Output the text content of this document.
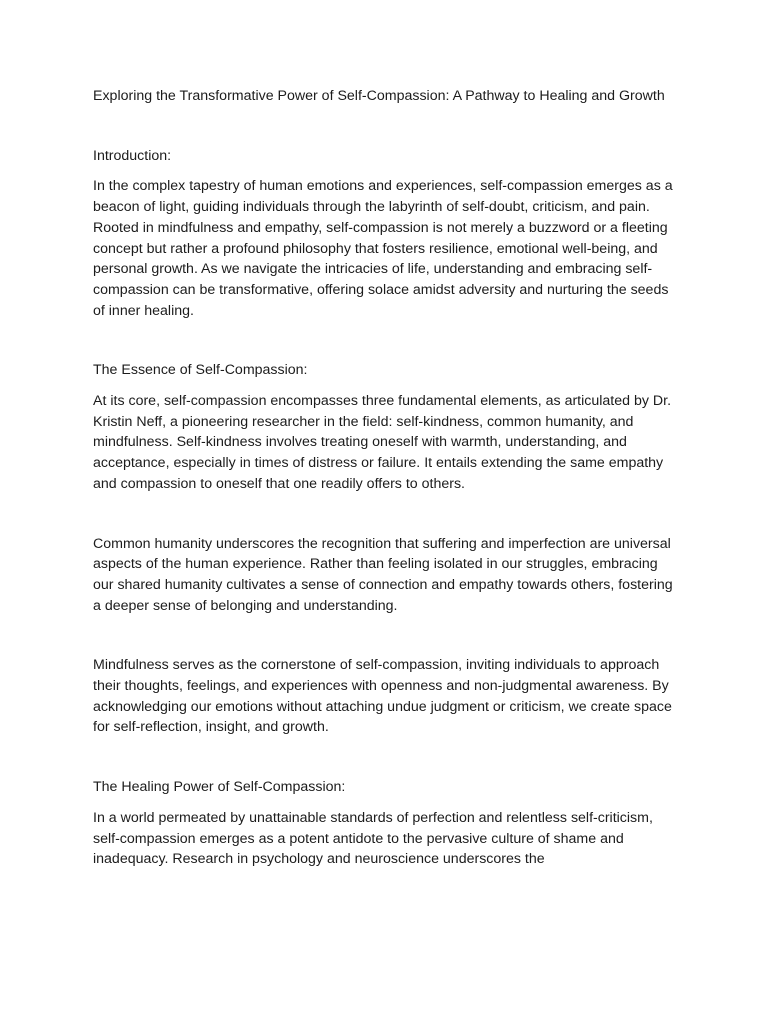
Exploring the Transformative Power of Self-Compassion: A Pathway to Healing and Growth

Introduction:

In the complex tapestry of human emotions and experiences, self-compassion emerges as a beacon of light, guiding individuals through the labyrinth of self-doubt, criticism, and pain. Rooted in mindfulness and empathy, self-compassion is not merely a buzzword or a fleeting concept but rather a profound philosophy that fosters resilience, emotional well-being, and personal growth. As we navigate the intricacies of life, understanding and embracing self-compassion can be transformative, offering solace amidst adversity and nurturing the seeds of inner healing.

The Essence of Self-Compassion:

At its core, self-compassion encompasses three fundamental elements, as articulated by Dr. Kristin Neff, a pioneering researcher in the field: self-kindness, common humanity, and mindfulness. Self-kindness involves treating oneself with warmth, understanding, and acceptance, especially in times of distress or failure. It entails extending the same empathy and compassion to oneself that one readily offers to others.

Common humanity underscores the recognition that suffering and imperfection are universal aspects of the human experience. Rather than feeling isolated in our struggles, embracing our shared humanity cultivates a sense of connection and empathy towards others, fostering a deeper sense of belonging and understanding.

Mindfulness serves as the cornerstone of self-compassion, inviting individuals to approach their thoughts, feelings, and experiences with openness and non-judgmental awareness. By acknowledging our emotions without attaching undue judgment or criticism, we create space for self-reflection, insight, and growth.

The Healing Power of Self-Compassion:

In a world permeated by unattainable standards of perfection and relentless self-criticism, self-compassion emerges as a potent antidote to the pervasive culture of shame and inadequacy. Research in psychology and neuroscience underscores the
